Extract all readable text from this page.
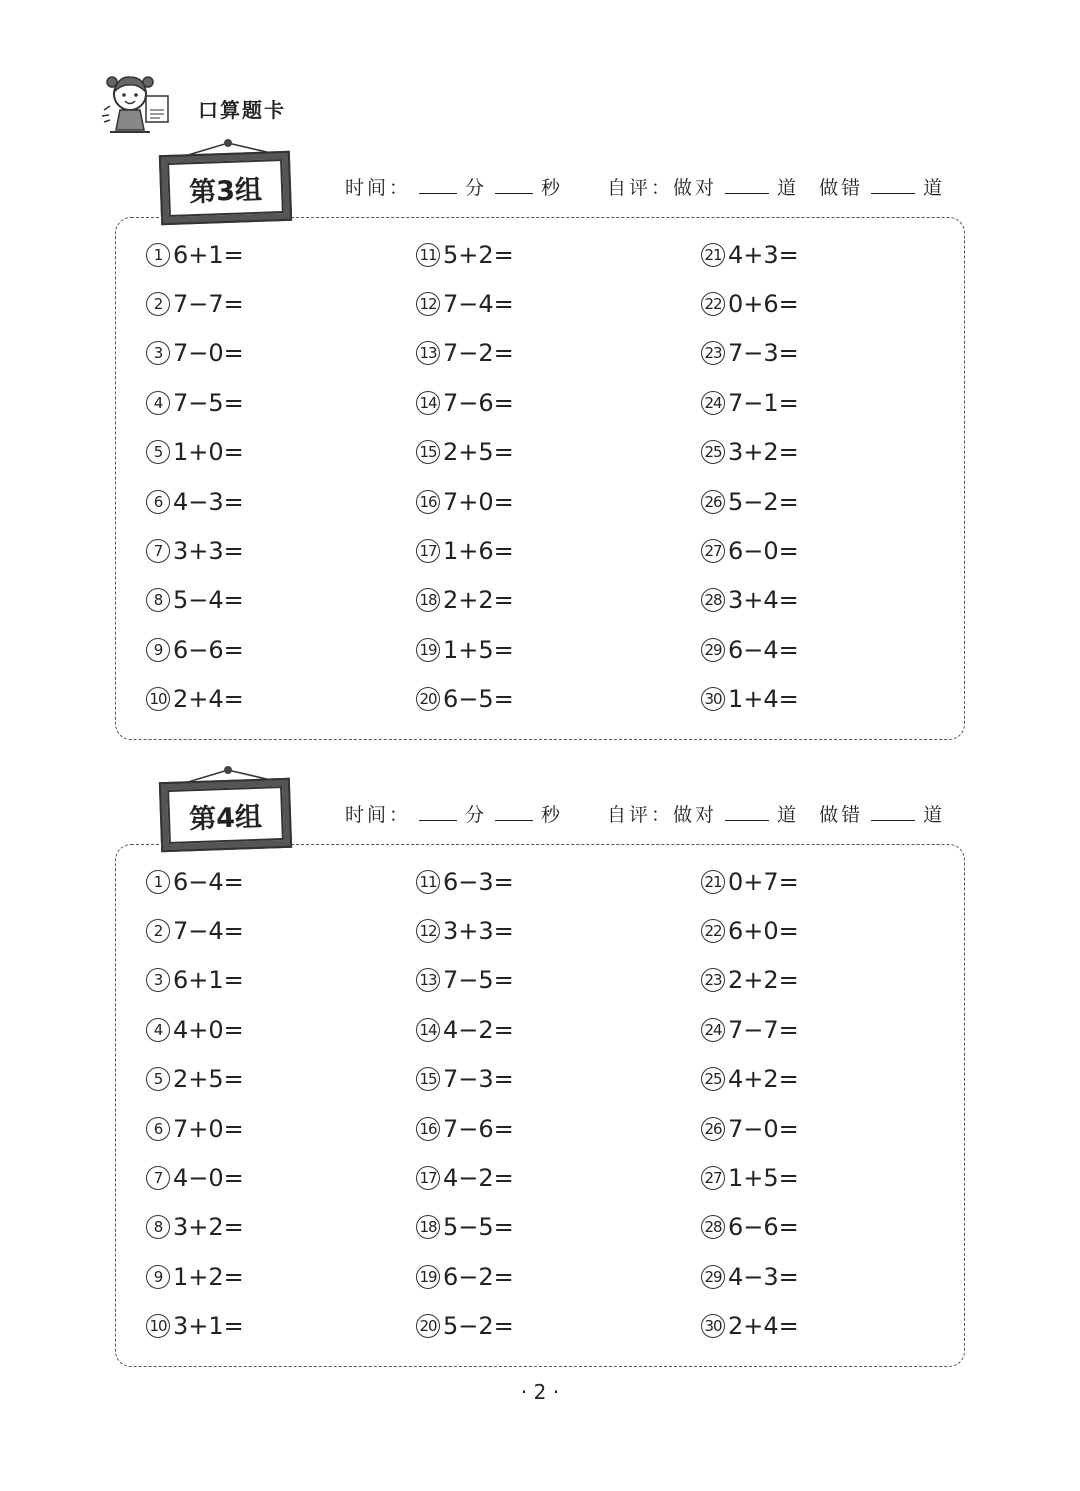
口算题卡
第3组	时间：	分	秒 自评：做对	道 做错	道
1 6+1=
2 7−7=
3 7−0=
4 7−5=
5 1+0=
6 4−3=
7 3+3=
8 5−4=
9 6−6=
10 2+4=
11 5+2=
12 7−4=
13 7−2=
14 7−6=
15 2+5=
16 7+0=
17 1+6=
18 2+2=
19 1+5=
20 6−5=
21 4+3=
22 0+6=
23 7−3=
24 7−1=
25 3+2=
26 5−2=
27 6−0=
28 3+4=
29 6−4=
30 1+4=
第4组	时间：	分	秒 自评：做对	道 做错	道
1 6−4=
2 7−4=
3 6+1=
4 4+0=
5 2+5=
6 7+0=
7 4−0=
8 3+2=
9 1+2=
10 3+1=
11 6−3=
12 3+3=
13 7−5=
14 4−2=
15 7−3=
16 7−6=
17 4−2=
18 5−5=
19 6−2=
20 5−2=
21 0+7=
22 6+0=
23 2+2=
24 7−7=
25 4+2=
26 7−0=
27 1+5=
28 6−6=
29 4−3=
30 2+4=
· 2 ·
